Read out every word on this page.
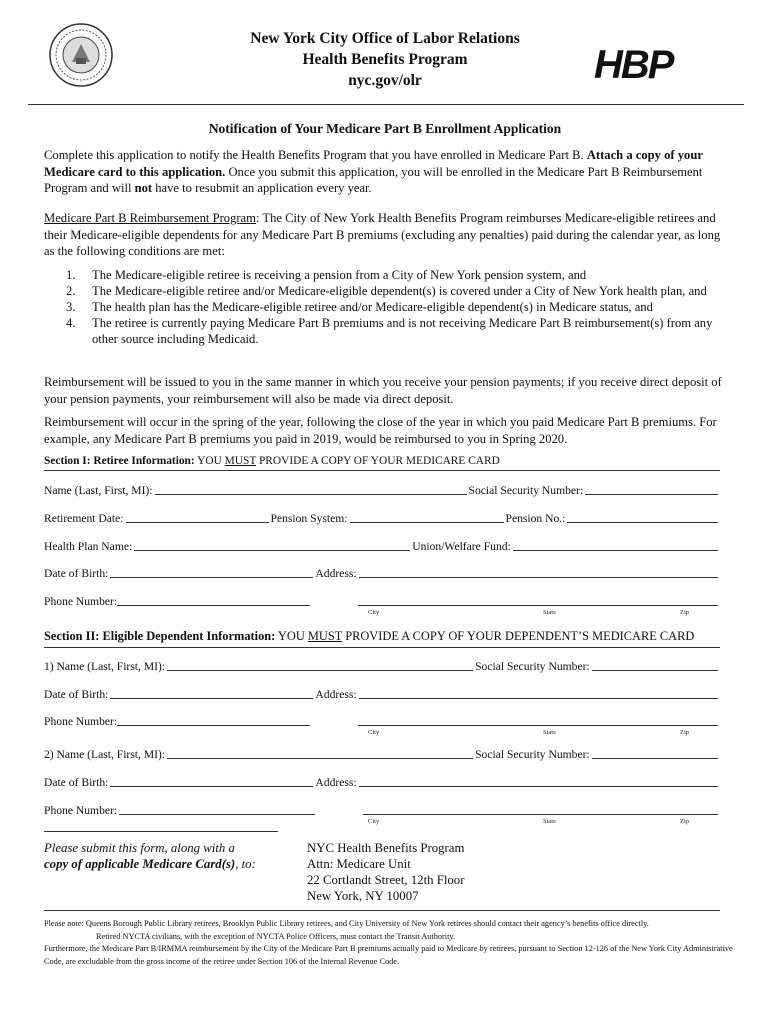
New York City Office of Labor Relations
Health Benefits Program
nyc.gov/olr	HBP
Notification of Your Medicare Part B Enrollment Application
Complete this application to notify the Health Benefits Program that you have enrolled in Medicare Part B. Attach a copy of your Medicare card to this application. Once you submit this application, you will be enrolled in the Medicare Part B Reimbursement Program and will not have to resubmit an application every year.
Medicare Part B Reimbursement Program: The City of New York Health Benefits Program reimburses Medicare-eligible retirees and their Medicare-eligible dependents for any Medicare Part B premiums (excluding any penalties) paid during the calendar year, as long as the following conditions are met:
1. The Medicare-eligible retiree is receiving a pension from a City of New York pension system, and
2. The Medicare-eligible retiree and/or Medicare-eligible dependent(s) is covered under a City of New York health plan, and
3. The health plan has the Medicare-eligible retiree and/or Medicare-eligible dependent(s) in Medicare status, and
4. The retiree is currently paying Medicare Part B premiums and is not receiving Medicare Part B reimbursement(s) from any other source including Medicaid.
Reimbursement will be issued to you in the same manner in which you receive your pension payments; if you receive direct deposit of your pension payments, your reimbursement will also be made via direct deposit.
Reimbursement will occur in the spring of the year, following the close of the year in which you paid Medicare Part B premiums. For example, any Medicare Part B premiums you paid in 2019, would be reimbursed to you in Spring 2020.
Section I: Retiree Information: YOU MUST PROVIDE A COPY OF YOUR MEDICARE CARD
Name (Last, First, MI):	Social Security Number:
Retirement Date:	Pension System:	Pension No.:
Health Plan Name:	Union/Welfare Fund:
Date of Birth:	Address:
Phone Number:
City	State	Zip
Section II: Eligible Dependent Information: YOU MUST PROVIDE A COPY OF YOUR DEPENDENT’S MEDICARE CARD
1) Name (Last, First, MI):	Social Security Number:
Date of Birth:	Address:
Phone Number:
City	State	Zip
2) Name (Last, First, MI):	Social Security Number:
Date of Birth:	Address:
Phone Number:
City	State	Zip
Please submit this form, along with a
copy of applicable Medicare Card(s), to:
NYC Health Benefits Program
Attn: Medicare Unit
22 Cortlandt Street, 12th Floor
New York, NY 10007
Please note: Queens Borough Public Library retirees, Brooklyn Public Library retirees, and City University of New York retirees should contact their agency’s benefits office directly.
Retired NYCTA civilians, with the exception of NYCTA Police Officers, must contact the Transit Authority.
Furthermore, the Medicare Part B/IRMMA reimbursement by the City of the Medicare Part B premiums actually paid to Medicare by retirees, pursuant to Section 12-126 of the New York City Administrative Code, are excludable from the gross income of the retiree under Section 106 of the Internal Revenue Code.
